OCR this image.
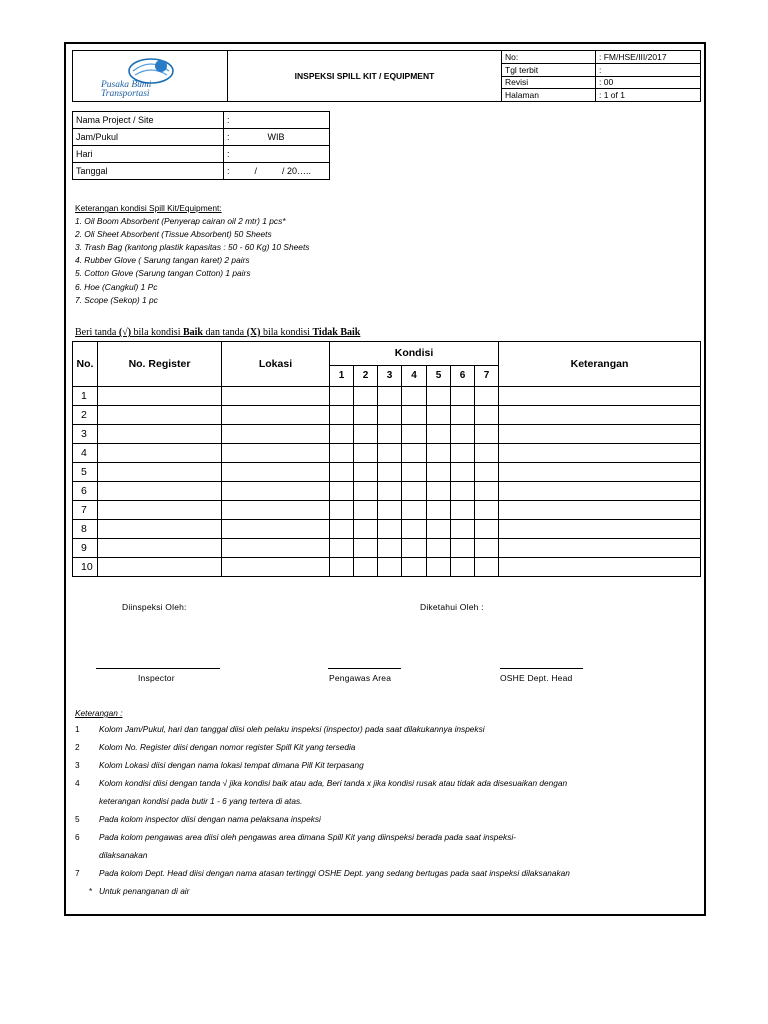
Pusaka Bumi
Transportasi	INSPEKSI SPILL KIT / EQUIPMENT	No:	: FM/HSE/III/2017
		Tgl terbit	:
		Revisi	: 00
		Halaman	: 1 of 1
Nama Project / Site	:
Jam/Pukul	: WIB
Hari	:
Tanggal	:          /          / 20…..
Keterangan kondisi Spill Kit/Equipment:
1. Oil Boom Absorbent (Penyerap cairan oil 2 mtr) 1 pcs*
2. Oli Sheet Absorbent (Tissue Absorbent) 50 Sheets
3. Trash Bag (kantong plastik kapasitas : 50 - 60 Kg) 10 Sheets
4. Rubber Glove ( Sarung tangan karet) 2 pairs
5. Cotton Glove (Sarung tangan Cotton) 1 pairs
6. Hoe (Cangkul) 1 Pc
7. Scope (Sekop) 1 pc
Beri tanda (√) bila kondisi Baik dan tanda (X) bila kondisi Tidak Baik
No.	No. Register	Lokasi	Kondisi							Keterangan
			1	2	3	4	5	6	7	
1										
2										
3										
4										
5										
6										
7										
8										
9										
10										
Diinspeksi Oleh:	Diketahui Oleh :
Inspector	Pengawas Area	OSHE Dept. Head
Keterangan :
1 Kolom Jam/Pukul, hari dan tanggal diisi oleh pelaku inspeksi (inspector) pada saat dilakukannya inspeksi
2 Kolom No. Register diisi dengan nomor register Spill Kit yang tersedia
3 Kolom Lokasi diisi dengan nama lokasi tempat dimana Pill Kit terpasang
4 Kolom kondisi diisi dengan tanda √ jika kondisi baik atau ada, Beri tanda x jika kondisi rusak atau tidak ada disesuaikan dengan
keterangan kondisi pada butir 1 - 6 yang tertera di atas.
5 Pada kolom inspector diisi dengan nama pelaksana inspeksi
6 Pada kolom pengawas area diisi oleh pengawas area dimana Spill Kit yang diinspeksi berada pada saat inspeksi-
dilaksanakan
7 Pada kolom Dept. Head diisi dengan nama atasan tertinggi OSHE Dept. yang sedang bertugas pada saat inspeksi dilaksanakan
* Untuk penanganan di air
